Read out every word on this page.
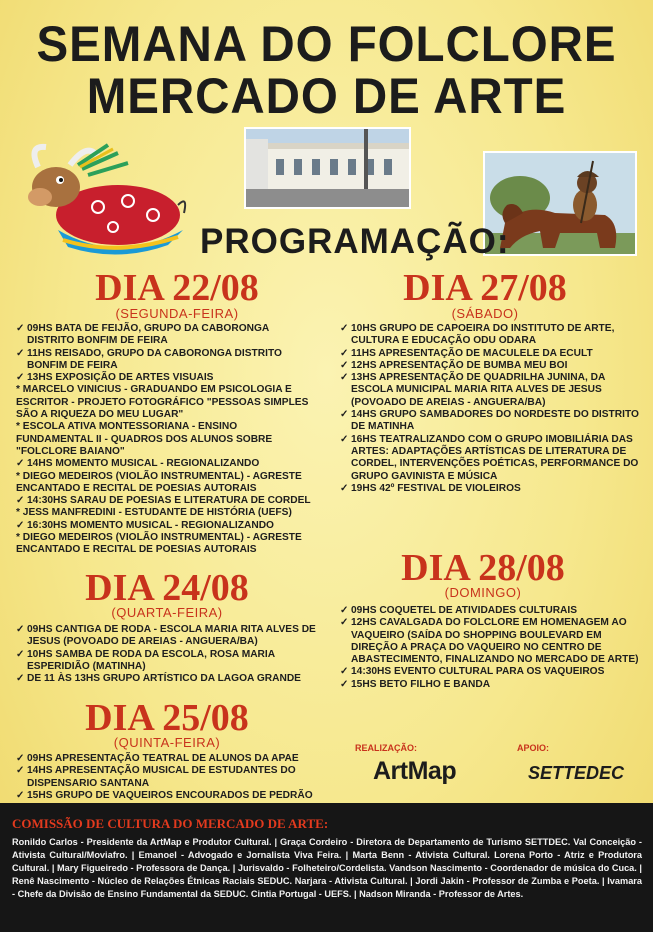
SEMANA DO FOLCLORE
MERCADO DE ARTE
PROGRAMAÇÃO:
DIA 22/08
(SEGUNDA-FEIRA)
✓ 09HS BATA DE FEIJÃO, GRUPO DA CABORONGA DISTRITO BONFIM DE FEIRA
✓ 11HS REISADO, GRUPO DA CABORONGA DISTRITO BONFIM DE FEIRA
✓ 13HS EXPOSIÇÃO DE ARTES VISUAIS
* MARCELO VINICIUS - GRADUANDO EM PSICOLOGIA E ESCRITOR - PROJETO FOTOGRÁFICO "PESSOAS SIMPLES SÃO A RIQUEZA DO MEU LUGAR"
* ESCOLA ATIVA MONTESSORIANA - ENSINO FUNDAMENTAL II - QUADROS DOS ALUNOS SOBRE "FOLCLORE BAIANO"
✓ 14HS MOMENTO MUSICAL - REGIONALIZANDO
* DIEGO MEDEIROS (VIOLÃO INSTRUMENTAL) - AGRESTE ENCANTADO E RECITAL DE POESIAS AUTORAIS
✓ 14:30HS SARAU DE POESIAS E LITERATURA DE CORDEL
* JESS MANFREDINI - ESTUDANTE DE HISTÓRIA (UEFS)
✓ 16:30HS MOMENTO MUSICAL - REGIONALIZANDO
* DIEGO MEDEIROS (VIOLÃO INSTRUMENTAL) - AGRESTE ENCANTADO E RECITAL DE POESIAS AUTORAIS
DIA 24/08
(QUARTA-FEIRA)
✓ 09HS CANTIGA DE RODA - ESCOLA MARIA RITA ALVES DE JESUS (POVOADO DE AREIAS - ANGUERA/BA)
✓ 10HS SAMBA DE RODA DA ESCOLA, ROSA MARIA ESPERIDIÃO (MATINHA)
✓ DE 11 ÀS 13HS GRUPO ARTÍSTICO DA LAGOA GRANDE
DIA 25/08
(QUINTA-FEIRA)
✓ 09HS APRESENTAÇÃO TEATRAL DE ALUNOS DA APAE
✓ 14HS APRESENTAÇÃO MUSICAL DE ESTUDANTES DO DISPENSARIO SANTANA
✓ 15HS GRUPO DE VAQUEIROS ENCOURADOS DE PEDRÃO
DIA 27/08
(SÁBADO)
✓ 10HS GRUPO DE CAPOEIRA DO INSTITUTO DE ARTE, CULTURA E EDUCAÇÃO ODU ODARA
✓ 11HS APRESENTAÇÃO DE MACULELE DA ECULT
✓ 12HS APRESENTAÇÃO DE BUMBA MEU BOI
✓ 13HS APRESENTAÇÃO DE QUADRILHA JUNINA, DA ESCOLA MUNICIPAL MARIA RITA ALVES DE JESUS (POVOADO DE AREIAS - ANGUERA/BA)
✓ 14HS GRUPO SAMBADORES DO NORDESTE DO DISTRITO DE MATINHA
✓ 16HS TEATRALIZANDO COM O GRUPO IMOBILIÁRIA DAS ARTES: ADAPTAÇÕES ARTÍSTICAS DE LITERATURA DE CORDEL, INTERVENÇÕES POÉTICAS, PERFORMANCE DO GRUPO GAVINISTA E MÚSICA
✓ 19HS 42º FESTIVAL DE VIOLEIROS
DIA 28/08
(DOMINGO)
✓ 09HS COQUETEL DE ATIVIDADES CULTURAIS
✓ 12HS CAVALGADA DO FOLCLORE EM HOMENAGEM AO VAQUEIRO (SAÍDA DO SHOPPING BOULEVARD EM DIREÇÃO A PRAÇA DO VAQUEIRO NO CENTRO DE ABASTECIMENTO, FINALIZANDO NO MERCADO DE ARTE)
✓ 14:30HS EVENTO CULTURAL PARA OS VAQUEIROS
✓ 15HS BETO FILHO E BANDA
REALIZAÇÃO:
ArtMap
APOIO:
SETTEDEC
COMISSÃO DE CULTURA DO MERCADO DE ARTE:
Ronildo Carlos - Presidente da ArtMap e Produtor Cultural. | Graça Cordeiro - Diretora de Departamento de Turismo SETTDEC. Val Conceição - Ativista Cultural/Moviafro. | Emanoel - Advogado e Jornalista Viva Feira. | Marta Benn - Ativista Cultural. Lorena Porto - Atriz e Produtora Cultural. | Mary Figueiredo - Professora de Dança. | Jurisvaldo - Folheteiro/Cordelista. Vandson Nascimento - Coordenador de música do Cuca. | Renê Nascimento - Núcleo de Relações Étnicas Raciais SEDUC. Narjara - Ativista Cultural. | Jordi Jakin - Professor de Zumba e Poeta. | Ivamara - Chefe da Divisão de Ensino Fundamental da SEDUC. Cintia Portugal - UEFS. | Nadson Miranda - Professor de Artes.
